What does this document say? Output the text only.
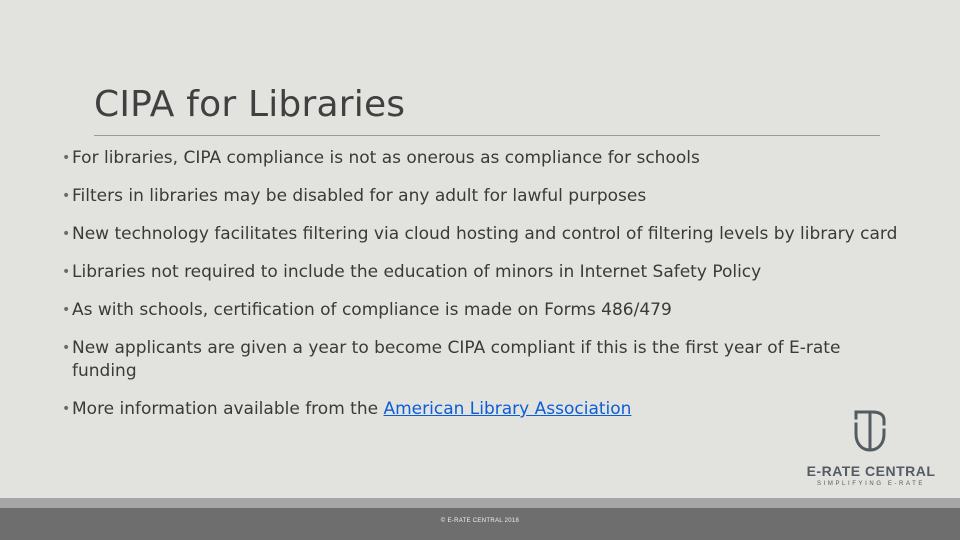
CIPA for Libraries
• For libraries, CIPA compliance is not as onerous as compliance for schools
• Filters in libraries may be disabled for any adult for lawful purposes
• New technology facilitates filtering via cloud hosting and control of filtering levels by library card
• Libraries not required to include the education of minors in Internet Safety Policy
• As with schools, certification of compliance is made on Forms 486/479
• New applicants are given a year to become CIPA compliant if this is the first year of E-rate funding
• More information available from the American Library Association
E-RATE CENTRAL
SIMPLIFYING E-RATE
© E-RATE CENTRAL 2018
